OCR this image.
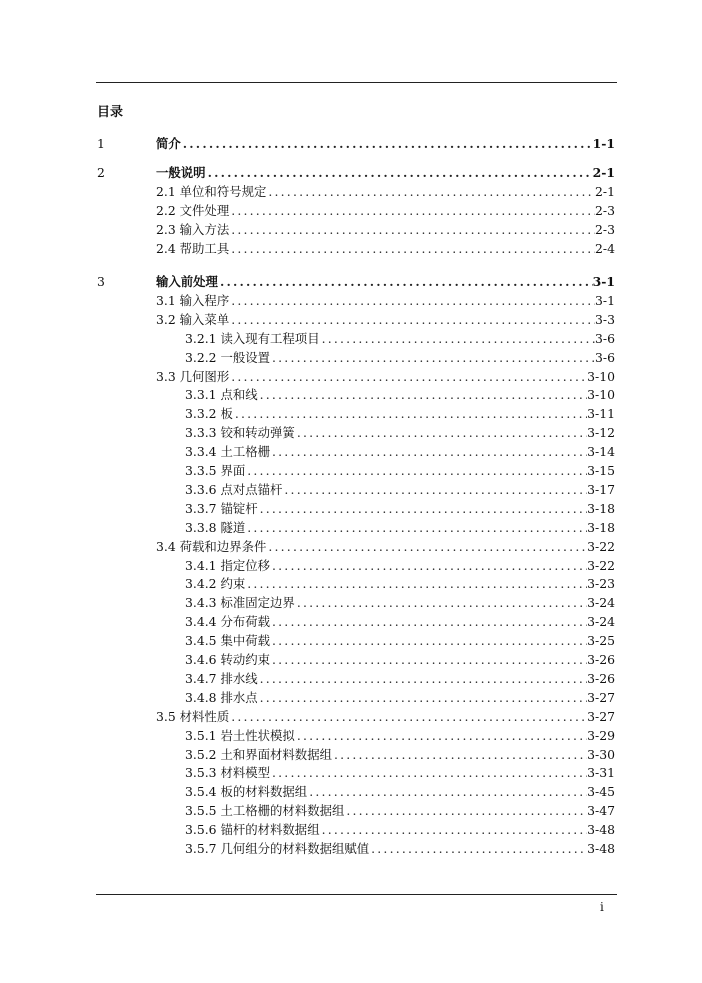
目录
1	简介 .....	1-1
2	一般说明 .....	2-1
2.1 单位和符号规定 .....	2-1
2.2 文件处理 .....	2-3
2.3 输入方法 .....	2-3
2.4 帮助工具 .....	2-4
3	输入前处理 .....	3-1
3.1 输入程序 .....	3-1
3.2 输入菜单 .....	3-3
3.2.1 读入现有工程项目 .....	3-6
3.2.2 一般设置 .....	3-6
3.3 几何图形 .....	3-10
3.3.1 点和线 .....	3-10
3.3.2 板 .....	3-11
3.3.3 铰和转动弹簧 .....	3-12
3.3.4 土工格栅 .....	3-14
3.3.5 界面 .....	3-15
3.3.6 点对点锚杆 .....	3-17
3.3.7 锚锭杆 .....	3-18
3.3.8 隧道 .....	3-18
3.4 荷载和边界条件 .....	3-22
3.4.1 指定位移 .....	3-22
3.4.2 约束 .....	3-23
3.4.3 标准固定边界 .....	3-24
3.4.4 分布荷载 .....	3-24
3.4.5 集中荷载 .....	3-25
3.4.6 转动约束 .....	3-26
3.4.7 排水线 .....	3-26
3.4.8 排水点 .....	3-27
3.5 材料性质 .....	3-27
3.5.1 岩土性状模拟 .....	3-29
3.5.2 土和界面材料数据组 .....	3-30
3.5.3 材料模型 .....	3-31
3.5.4 板的材料数据组 .....	3-45
3.5.5 土工格栅的材料数据组 .....	3-47
3.5.6 锚杆的材料数据组 .....	3-48
3.5.7 几何组分的材料数据组赋值 .....	3-48
i
